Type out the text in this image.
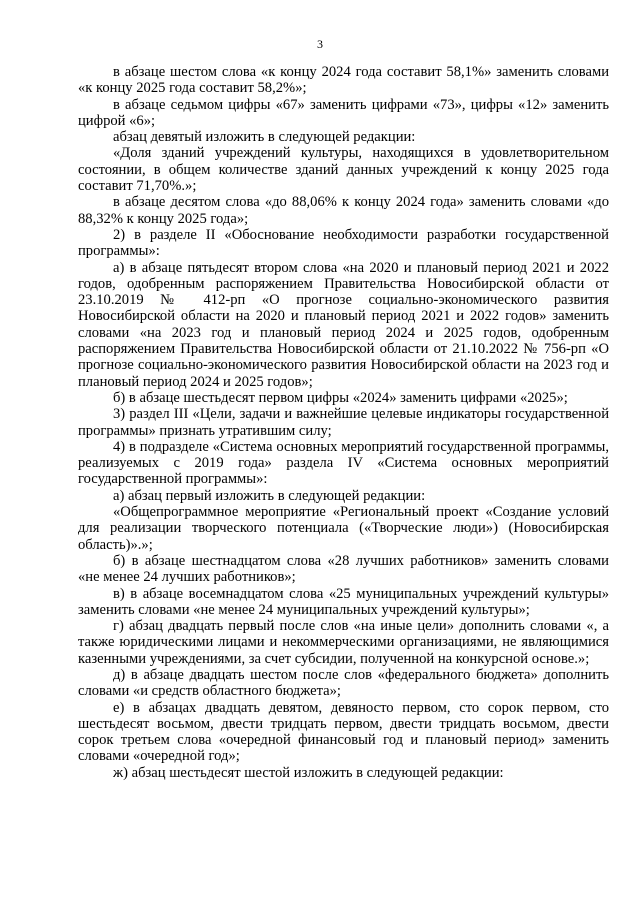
3

в абзаце шестом слова «к концу 2024 года составит 58,1%» заменить словами «к концу 2025 года составит 58,2%»;

в абзаце седьмом цифры «67» заменить цифрами «73», цифры «12» заменить цифрой «6»;

абзац девятый изложить в следующей редакции:

«Доля зданий учреждений культуры, находящихся в удовлетворительном состоянии, в общем количестве зданий данных учреждений к концу 2025 года составит 71,70%.»;

в абзаце десятом слова «до 88,06% к концу 2024 года» заменить словами «до 88,32% к концу 2025 года»;

2) в разделе II «Обоснование необходимости разработки государственной программы»:

а) в абзаце пятьдесят втором слова «на 2020 и плановый период 2021 и 2022 годов, одобренным распоряжением Правительства Новосибирской области от 23.10.2019 № 412-рп «О прогнозе социально-экономического развития Новосибирской области на 2020 и плановый период 2021 и 2022 годов» заменить словами «на 2023 год и плановый период 2024 и 2025 годов, одобренным распоряжением Правительства Новосибирской области от 21.10.2022 № 756-рп «О прогнозе социально-экономического развития Новосибирской области на 2023 год и плановый период 2024 и 2025 годов»;

б) в абзаце шестьдесят первом цифры «2024» заменить цифрами «2025»;

3) раздел III «Цели, задачи и важнейшие целевые индикаторы государственной программы» признать утратившим силу;

4) в подразделе «Система основных мероприятий государственной программы, реализуемых с 2019 года» раздела IV «Система основных мероприятий государственной программы»:

а) абзац первый изложить в следующей редакции:

«Общепрограммное мероприятие «Региональный проект «Создание условий для реализации творческого потенциала («Творческие люди») (Новосибирская область)».»;

б) в абзаце шестнадцатом слова «28 лучших работников» заменить словами «не менее 24 лучших работников»;

в) в абзаце восемнадцатом слова «25 муниципальных учреждений культуры» заменить словами «не менее 24 муниципальных учреждений культуры»;

г) абзац двадцать первый после слов «на иные цели» дополнить словами «, а также юридическими лицами и некоммерческими организациями, не являющимися казенными учреждениями, за счет субсидии, полученной на конкурсной основе.»;

д) в абзаце двадцать шестом после слов «федерального бюджета» дополнить словами «и средств областного бюджета»;

е) в абзацах двадцать девятом, девяносто первом, сто сорок первом, сто шестьдесят восьмом, двести тридцать первом, двести тридцать восьмом, двести сорок третьем слова «очередной финансовый год и плановый период» заменить словами «очередной год»;

ж) абзац шестьдесят шестой изложить в следующей редакции:
